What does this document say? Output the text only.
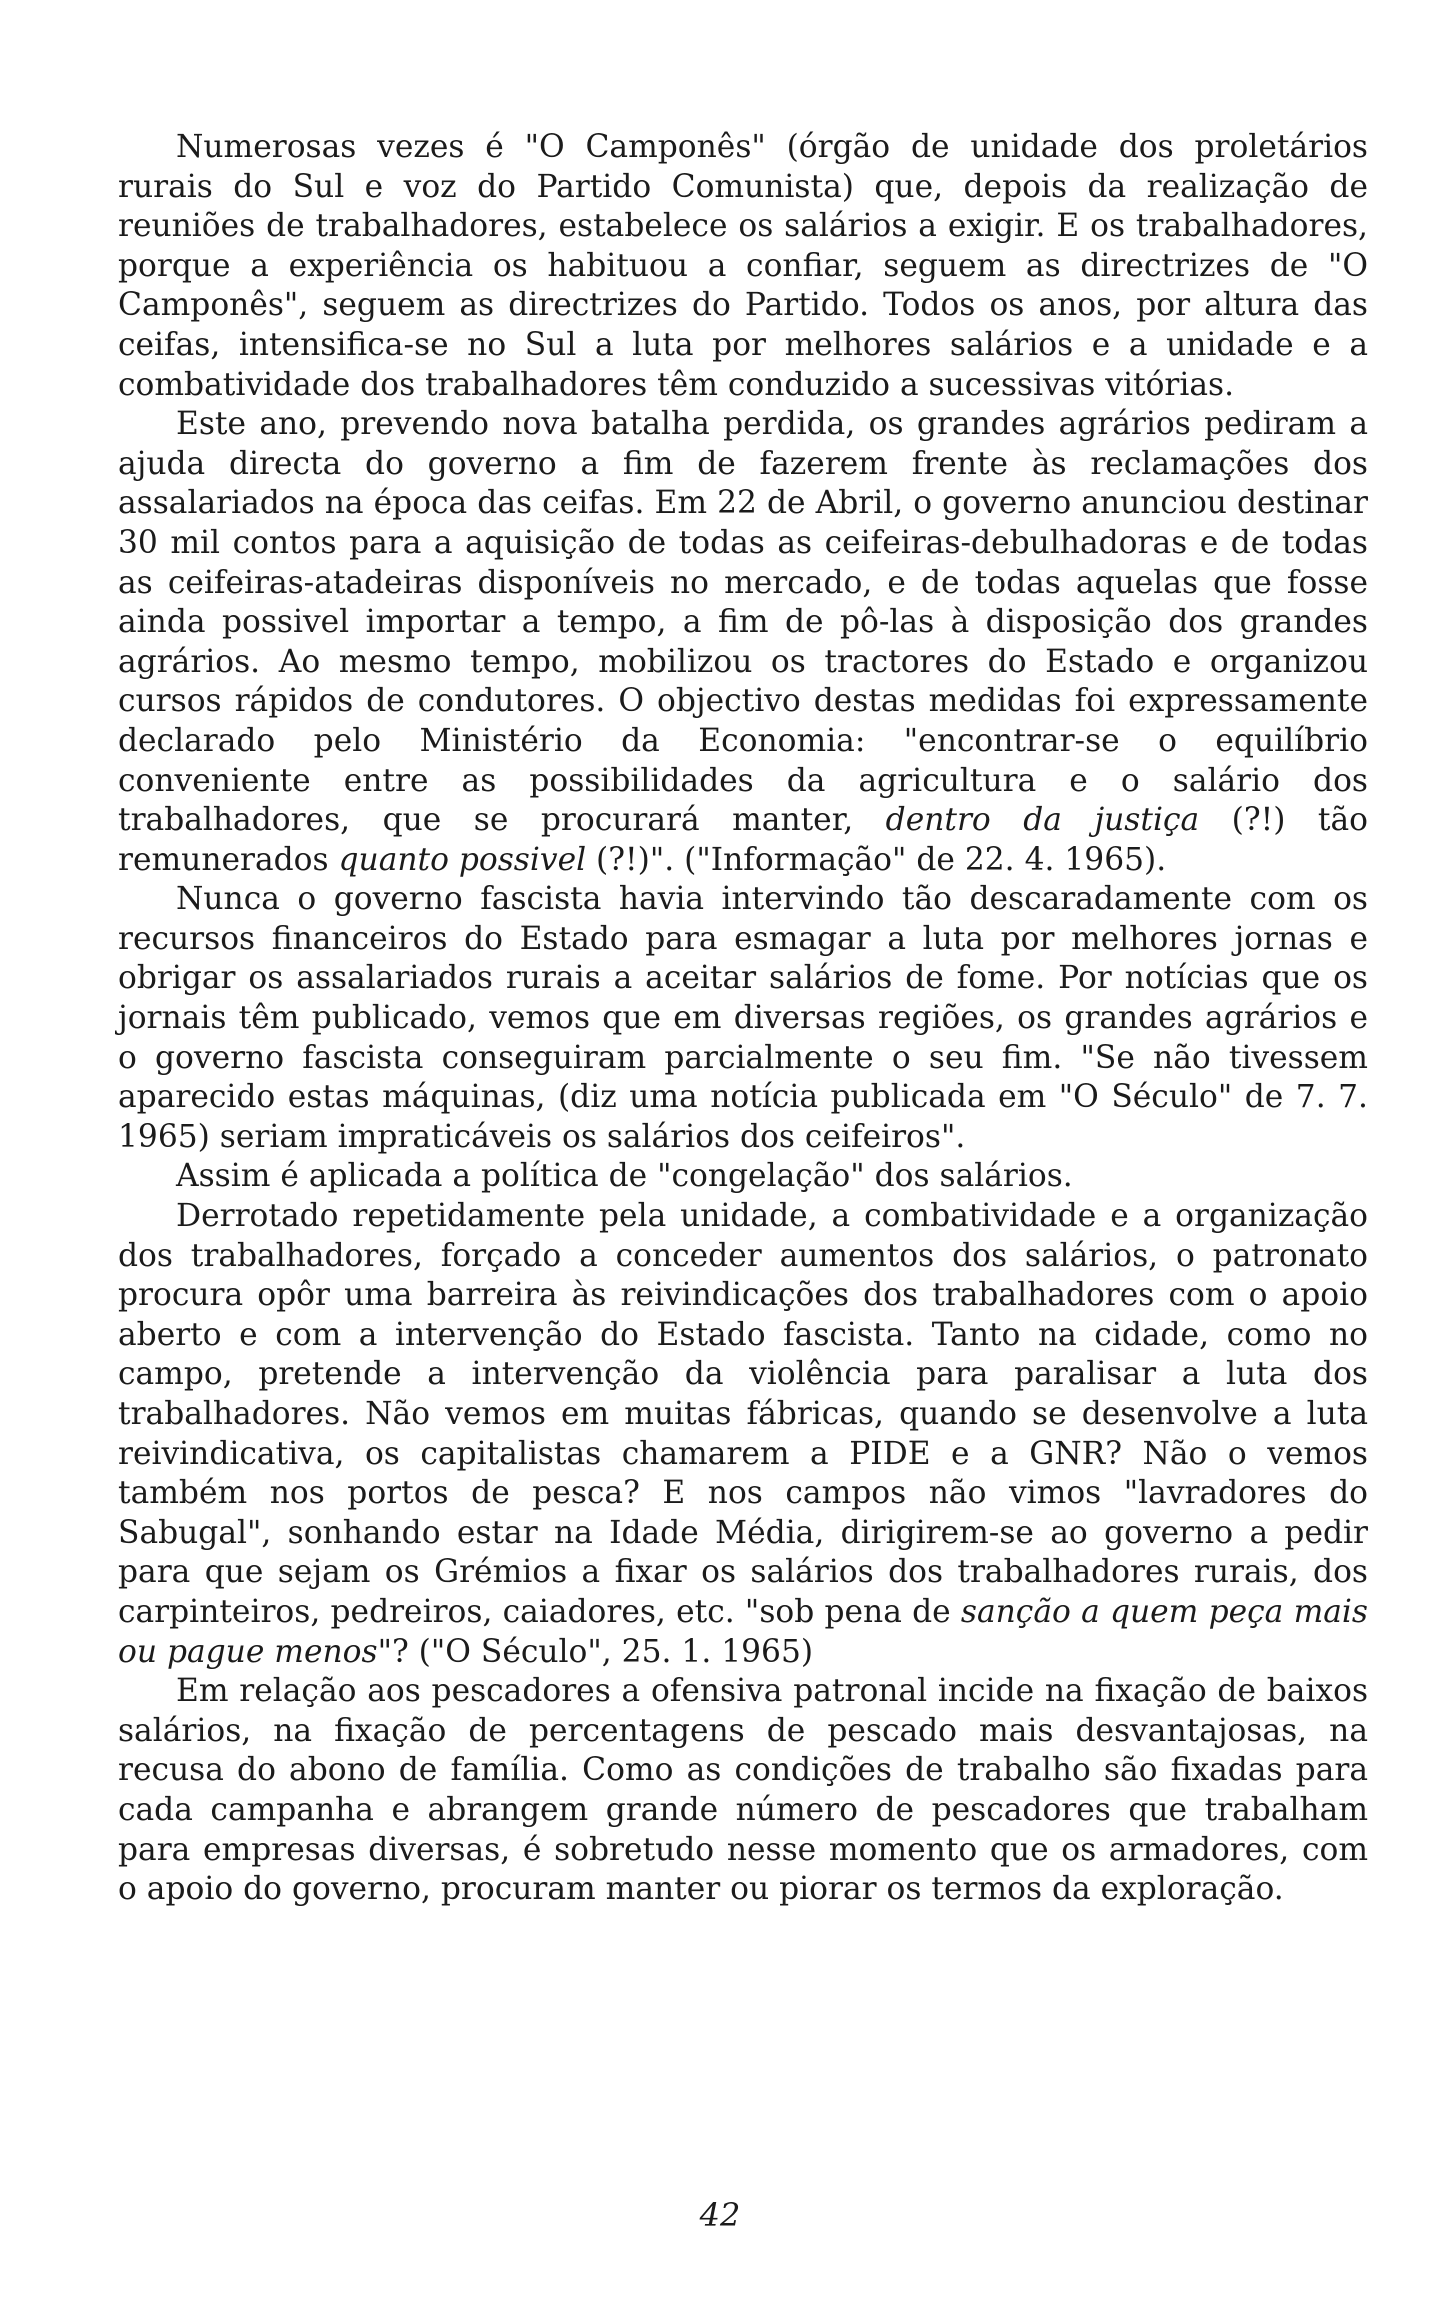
Numerosas vezes é "O Camponês" (órgão de unidade dos proletários rurais do Sul e voz do Partido Comunista) que, depois da realização de reuniões de trabalhadores, estabelece os salários a exigir. E os trabalhadores, porque a experiência os habituou a confiar, seguem as directrizes de "O Camponês", seguem as directrizes do Partido. Todos os anos, por altura das ceifas, intensifica-se no Sul a luta por melhores salários e a unidade e a combatividade dos trabalhadores têm conduzido a sucessivas vitórias.

Este ano, prevendo nova batalha perdida, os grandes agrários pediram a ajuda directa do governo a fim de fazerem frente às reclamações dos assalariados na época das ceifas. Em 22 de Abril, o governo anunciou destinar 30 mil contos para a aquisição de todas as ceifeiras-debulhadoras e de todas as ceifeiras-atadeiras disponíveis no mercado, e de todas aquelas que fosse ainda possivel importar a tempo, a fim de pô-las à disposição dos grandes agrários. Ao mesmo tempo, mobilizou os tractores do Estado e organizou cursos rápidos de condutores. O objectivo destas medidas foi expressamente declarado pelo Ministério da Economia: "encontrar-se o equilíbrio conveniente entre as possibilidades da agricultura e o salário dos trabalhadores, que se procurará manter, dentro da justiça (?!) tão remunerados quanto possivel (?!)". ("Informação" de 22. 4. 1965).

Nunca o governo fascista havia intervindo tão descaradamente com os recursos financeiros do Estado para esmagar a luta por melhores jornas e obrigar os assalariados rurais a aceitar salários de fome. Por notícias que os jornais têm publicado, vemos que em diversas regiões, os grandes agrários e o governo fascista conseguiram parcialmente o seu fim. "Se não tivessem aparecido estas máquinas, (diz uma notícia publicada em "O Século" de 7. 7. 1965) seriam impraticáveis os salários dos ceifeiros".

Assim é aplicada a política de "congelação" dos salários.

Derrotado repetidamente pela unidade, a combatividade e a organização dos trabalhadores, forçado a conceder aumentos dos salários, o patronato procura opôr uma barreira às reivindicações dos trabalhadores com o apoio aberto e com a intervenção do Estado fascista. Tanto na cidade, como no campo, pretende a intervenção da violência para paralisar a luta dos trabalhadores. Não vemos em muitas fábricas, quando se desenvolve a luta reivindicativa, os capitalistas chamarem a PIDE e a GNR? Não o vemos também nos portos de pesca? E nos campos não vimos "lavradores do Sabugal", sonhando estar na Idade Média, dirigirem-se ao governo a pedir para que sejam os Grémios a fixar os salários dos trabalhadores rurais, dos carpinteiros, pedreiros, caiadores, etc. "sob pena de sanção a quem peça mais ou pague menos"? ("O Século", 25. 1. 1965)

Em relação aos pescadores a ofensiva patronal incide na fixação de baixos salários, na fixação de percentagens de pescado mais desvantajosas, na recusa do abono de família. Como as condições de trabalho são fixadas para cada campanha e abrangem grande número de pescadores que trabalham para empresas diversas, é sobretudo nesse momento que os armadores, com o apoio do governo, procuram manter ou piorar os termos da exploração.

42
